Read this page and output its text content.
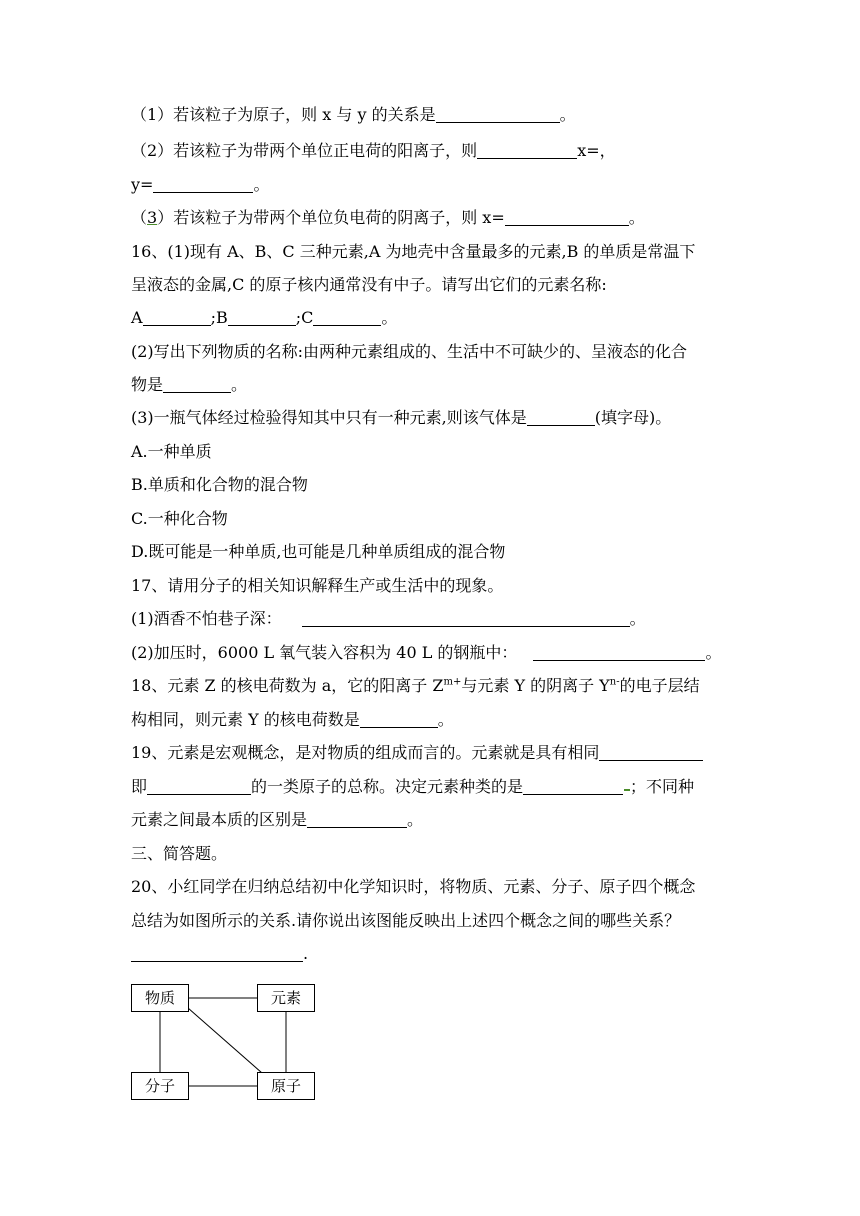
（1）若该粒子为原子，则 x 与 y 的关系是	。
（2）若该粒子为带两个单位正电荷的阳离子，则	x=，
y=	。
（3）若该粒子为带两个单位负电荷的阴离子，则 x=	。
16、(1)现有 A、B、C 三种元素,A 为地壳中含量最多的元素,B 的单质是常温下
呈液态的金属,C 的原子核内通常没有中子。请写出它们的元素名称:
A	;B	;C	。
(2)写出下列物质的名称:由两种元素组成的、生活中不可缺少的、呈液态的化合
物是	。
(3)一瓶气体经过检验得知其中只有一种元素,则该气体是	(填字母)。
A.一种单质
B.单质和化合物的混合物
C.一种化合物
D.既可能是一种单质,也可能是几种单质组成的混合物
17、请用分子的相关知识解释生产或生活中的现象。
(1)酒香不怕巷子深：	。
(2)加压时，6000 L 氧气装入容积为 40 L 的钢瓶中：	。
18、元素 Z 的核电荷数为 a，它的阳离子 $Z^{m+}$与元素 Y 的阴离子 $Y^{n-}$的电子层结
构相同，则元素 Y 的核电荷数是	。
19、元素是宏观概念，是对物质的组成而言的。元素就是具有相同
即	的一类原子的总称。决定元素种类的是	；不同种
元素之间最本质的区别是	。
三、简答题。
20、小红同学在归纳总结初中化学知识时，将物质、元素、分子、原子四个概念
总结为如图所示的关系.请你说出该图能反映出上述四个概念之间的哪些关系？
.
物质	元素
分子	原子
